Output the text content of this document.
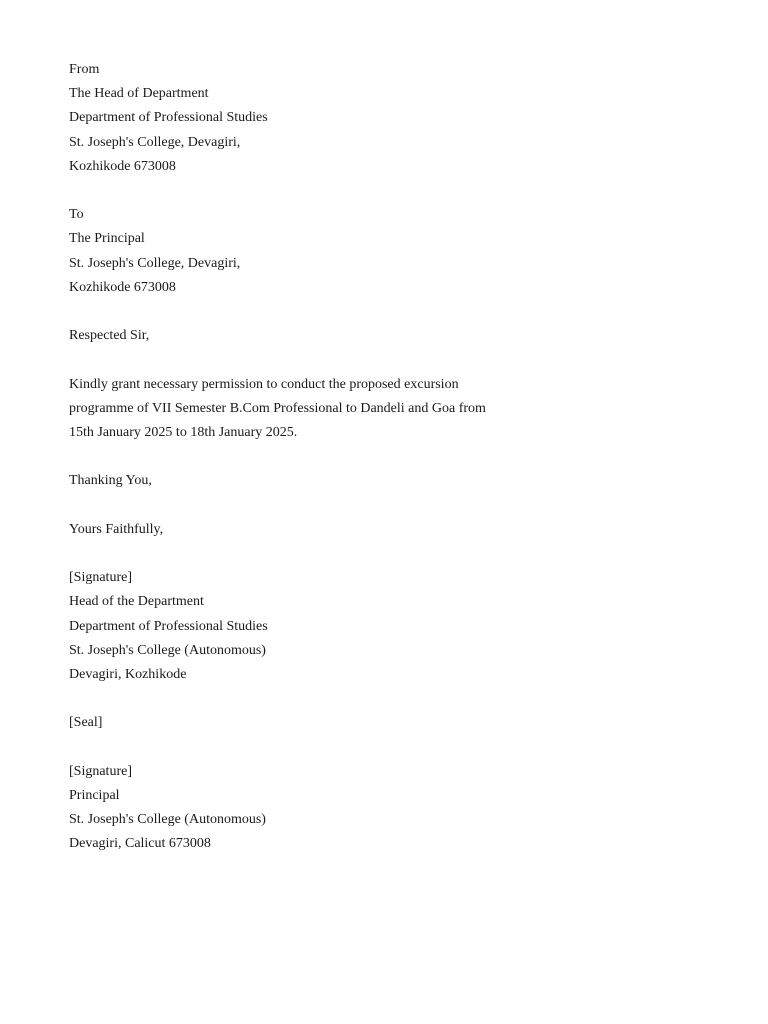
From
The Head of Department
Department of Professional Studies
St. Joseph's College, Devagiri,
Kozhikode 673008
To
The Principal
St. Joseph's College, Devagiri,
Kozhikode 673008
Respected Sir,
Kindly grant necessary permission to conduct the proposed excursion
programme of VII Semester B.Com Professional to Dandeli and Goa from
15th January 2025 to 18th January 2025.
Thanking You,
Yours Faithfully,
[Signature]
Head of the Department
Department of Professional Studies
St. Joseph's College (Autonomous)
Devagiri, Kozhikode
[Seal]
[Signature]
Principal
St. Joseph's College (Autonomous)
Devagiri, Calicut 673008
